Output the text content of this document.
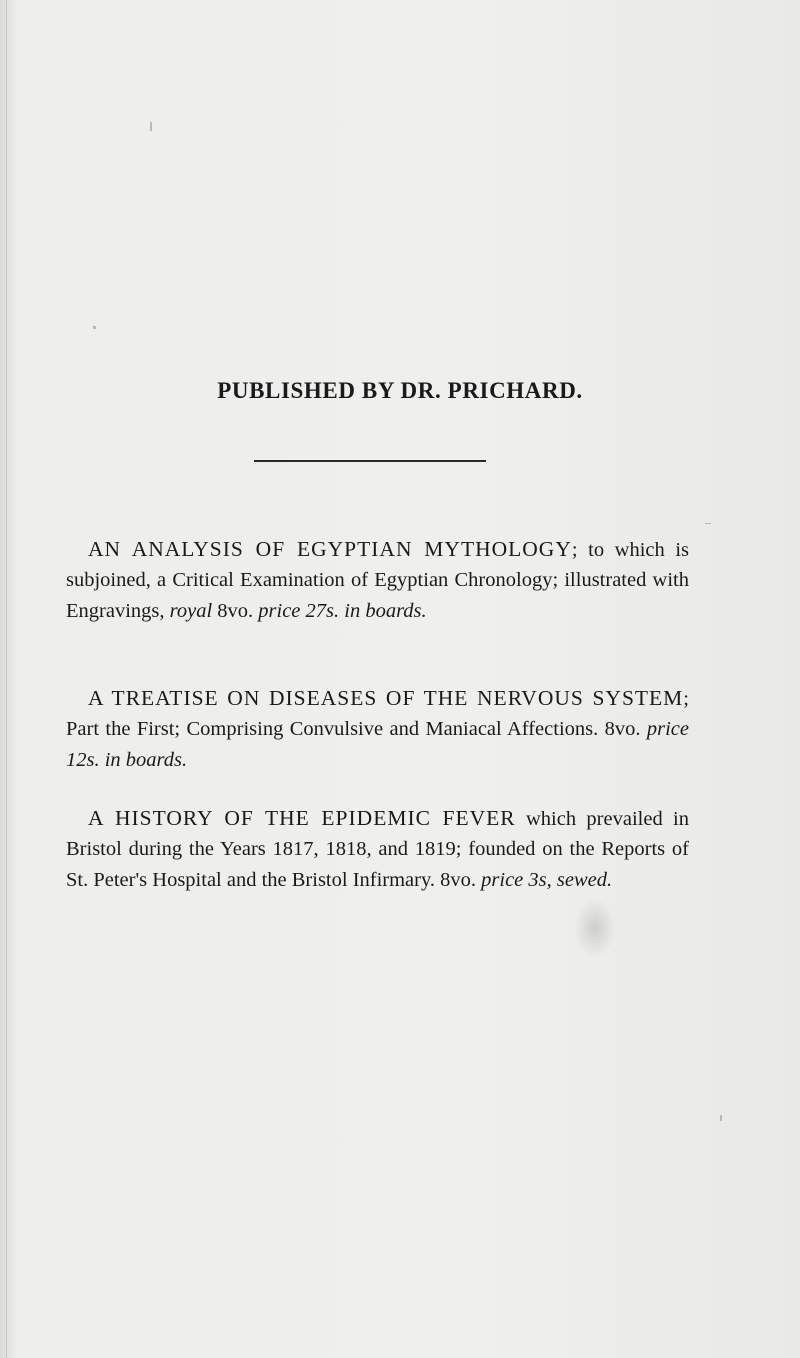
PUBLISHED BY DR. PRICHARD.

AN ANALYSIS OF EGYPTIAN MYTHOLOGY; to which is subjoined, a Critical Examination of Egyptian Chronology; illustrated with Engravings, royal 8vo. price 27s. in boards.

A TREATISE ON DISEASES OF THE NERVOUS SYSTEM; Part the First; Comprising Convulsive and Maniacal Affections. 8vo. price 12s. in boards.

A HISTORY OF THE EPIDEMIC FEVER which prevailed in Bristol during the Years 1817, 1818, and 1819; founded on the Reports of St. Peter's Hospital and the Bristol Infirmary. 8vo. price 3s, sewed.
